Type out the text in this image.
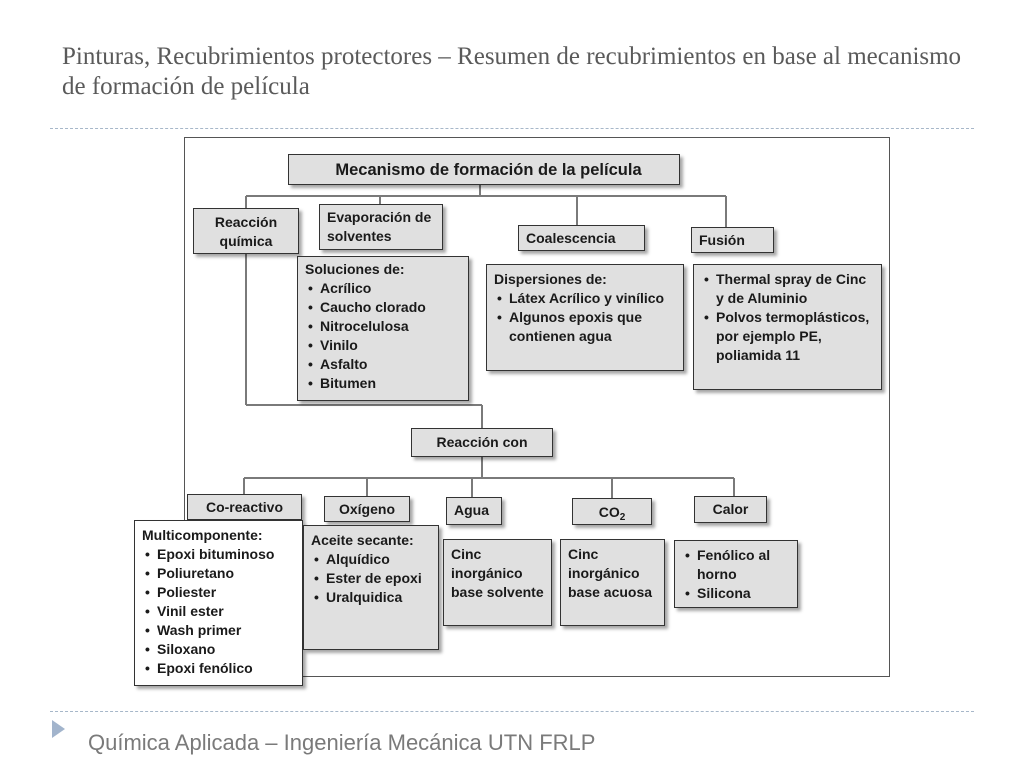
Pinturas, Recubrimientos protectores – Resumen de recubrimientos en base al mecanismo de formación de película
Mecanismo de formación de la película
Reacción química
Evaporación de solventes	Coalescencia	Fusión
Soluciones de:
• Acrílico
• Caucho clorado
• Nitrocelulosa
• Vinilo
• Asfalto
• Bitumen
Dispersiones de:
• Látex Acrílico y vinílico
• Algunos epoxis que contienen agua
• Thermal spray de Cinc y de Aluminio
• Polvos termoplásticos, por ejemplo PE, poliamida 11
Reacción con
Co-reactivo	Oxígeno	Agua	$CO_2$
Calor
Multicomponente:
• Epoxi bituminoso
• Poliuretano
• Poliester
• Vinil ester
• Wash primer
• Siloxano
• Epoxi fenólico
Aceite secante:
• Alquídico
• Ester de epoxi
• Uralquidica
Cinc inorgánico base solvente
Cinc inorgánico base acuosa
• Fenólico al horno
• Silicona
Química Aplicada – Ingeniería Mecánica UTN FRLP
